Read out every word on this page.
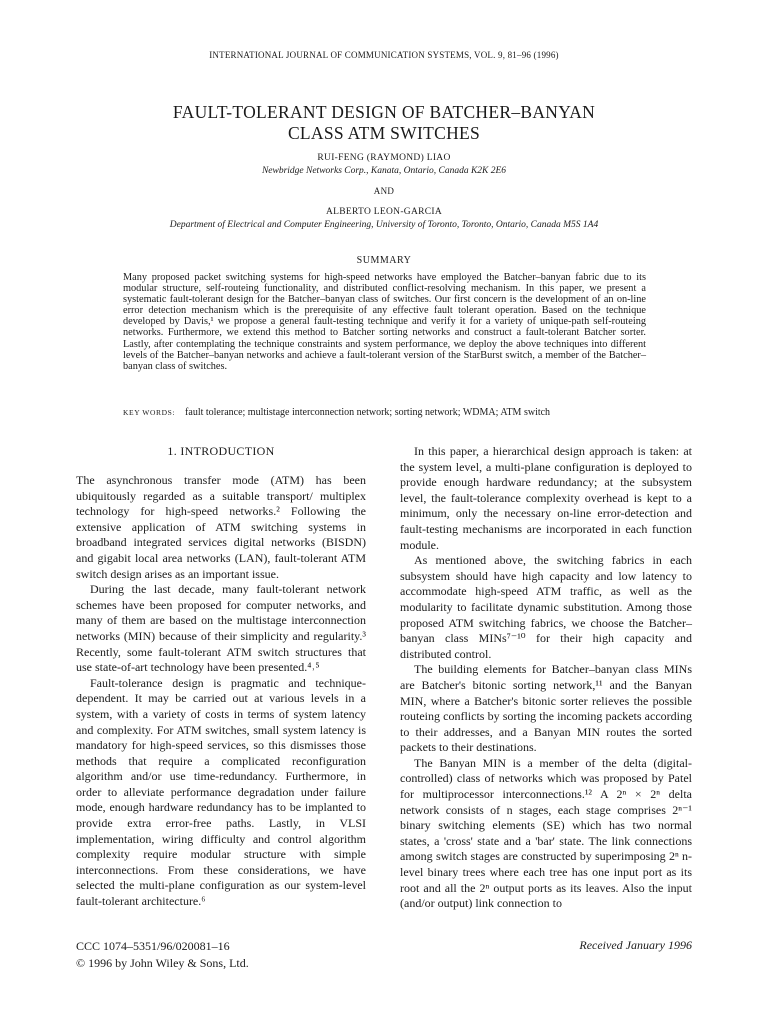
INTERNATIONAL JOURNAL OF COMMUNICATION SYSTEMS, VOL. 9, 81–96 (1996)
FAULT-TOLERANT DESIGN OF BATCHER–BANYAN
CLASS ATM SWITCHES
RUI-FENG (RAYMOND) LIAO
Newbridge Networks Corp., Kanata, Ontario, Canada K2K 2E6
AND
ALBERTO LEON-GARCIA
Department of Electrical and Computer Engineering, University of Toronto, Toronto, Ontario, Canada M5S 1A4
SUMMARY

Many proposed packet switching systems for high-speed networks have employed the Batcher–banyan fabric due to its modular structure, self-routeing functionality, and distributed conflict-resolving mechanism. In this paper, we present a systematic fault-tolerant design for the Batcher–banyan class of switches. Our first concern is the development of an on-line error detection mechanism which is the prerequisite of any effective fault tolerant operation. Based on the technique developed by Davis,¹ we propose a general fault-testing technique and verify it for a variety of unique-path self-routeing networks. Furthermore, we extend this method to Batcher sorting networks and construct a fault-tolerant Batcher sorter. Lastly, after contemplating the technique constraints and system performance, we deploy the above techniques into different levels of the Batcher–banyan networks and achieve a fault-tolerant version of the StarBurst switch, a member of the Batcher–banyan class of switches.

KEY WORDS: fault tolerance; multistage interconnection network; sorting network; WDMA; ATM switch
1. INTRODUCTION

The asynchronous transfer mode (ATM) has been ubiquitously regarded as a suitable transport/ multiplex technology for high-speed networks.² Following the extensive application of ATM switching systems in broadband integrated services digital networks (BISDN) and gigabit local area networks (LAN), fault-tolerant ATM switch design arises as an important issue.

During the last decade, many fault-tolerant network schemes have been proposed for computer networks, and many of them are based on the multistage interconnection networks (MIN) because of their simplicity and regularity.³ Recently, some fault-tolerant ATM switch structures that use state-of-art technology have been presented.⁴˒⁵

Fault-tolerance design is pragmatic and technique-dependent. It may be carried out at various levels in a system, with a variety of costs in terms of system latency and complexity. For ATM switches, small system latency is mandatory for high-speed services, so this dismisses those methods that require a complicated reconfiguration algorithm and/or use time-redundancy. Furthermore, in order to alleviate performance degradation under failure mode, enough hardware redundancy has to be implanted to provide extra error-free paths. Lastly, in VLSI implementation, wiring difficulty and control algorithm complexity require modular structure with simple interconnections. From these considerations, we have selected the multi-plane configuration as our system-level fault-tolerant architecture.⁶

In this paper, a hierarchical design approach is taken: at the system level, a multi-plane configuration is deployed to provide enough hardware redundancy; at the subsystem level, the fault-tolerance complexity overhead is kept to a minimum, only the necessary on-line error-detection and fault-testing mechanisms are incorporated in each function module.

As mentioned above, the switching fabrics in each subsystem should have high capacity and low latency to accommodate high-speed ATM traffic, as well as the modularity to facilitate dynamic substitution. Among those proposed ATM switching fabrics, we choose the Batcher–banyan class MINs⁷⁻¹⁰ for their high capacity and distributed control.

The building elements for Batcher–banyan class MINs are Batcher's bitonic sorting network,¹¹ and the Banyan MIN, where a Batcher's bitonic sorter relieves the possible routeing conflicts by sorting the incoming packets according to their addresses, and a Banyan MIN routes the sorted packets to their destinations.

The Banyan MIN is a member of the delta (digital-controlled) class of networks which was proposed by Patel for multiprocessor interconnections.¹² A 2ⁿ × 2ⁿ delta network consists of n stages, each stage comprises 2ⁿ⁻¹ binary switching elements (SE) which has two normal states, a 'cross' state and a 'bar' state. The link connections among switch stages are constructed by superimposing 2ⁿ n-level binary trees where each tree has one input port as its root and all the 2ⁿ output ports as its leaves. Also the input (and/or output) link connection to

CCC 1074–5351/96/020081–16
© 1996 by John Wiley & Sons, Ltd.
Received January 1996
